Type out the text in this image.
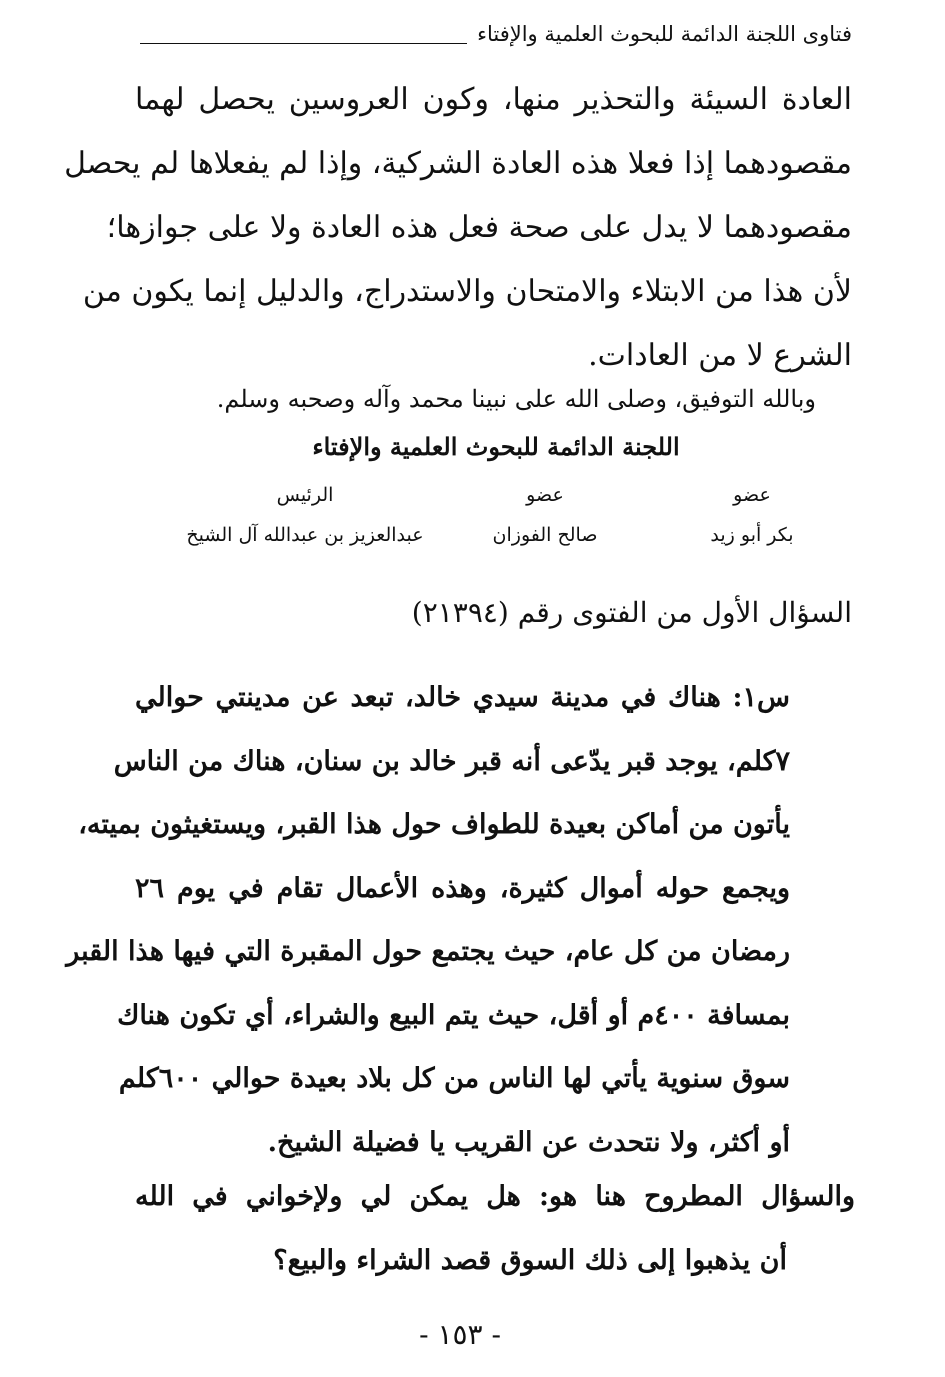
فتاوى اللجنة الدائمة للبحوث العلمية والإفتاء
العادة السيئة والتحذير منها، وكون العروسين يحصل لهما
مقصودهما إذا فعلا هذه العادة الشركية، وإذا لم يفعلاها لم يحصل
مقصودهما لا يدل على صحة فعل هذه العادة ولا على جوازها؛
لأن هذا من الابتلاء والامتحان والاستدراج، والدليل إنما يكون من
الشرع لا من العادات.
وبالله التوفيق، وصلى الله على نبينا محمد وآله وصحبه وسلم.
اللجنة الدائمة للبحوث العلمية والإفتاء
عضو
بكر أبو زيد
عضو
صالح الفوزان
الرئيس
عبدالعزيز بن عبدالله آل الشيخ
السؤال الأول من الفتوى رقم (٢١٣٩٤)
س١: هناك في مدينة سيدي خالد، تبعد عن مدينتي حوالي
٧كلم، يوجد قبر يدّعى أنه قبر خالد بن سنان، هناك من الناس
يأتون من أماكن بعيدة للطواف حول هذا القبر، ويستغيثون بميته،
ويجمع حوله أموال كثيرة، وهذه الأعمال تقام في يوم ٢٦
رمضان من كل عام، حيث يجتمع حول المقبرة التي فيها هذا القبر
بمسافة ٤٠٠م أو أقل، حيث يتم البيع والشراء، أي تكون هناك
سوق سنوية يأتي لها الناس من كل بلاد بعيدة حوالي ٦٠٠كلم
أو أكثر، ولا نتحدث عن القريب يا فضيلة الشيخ.
والسؤال المطروح هنا هو: هل يمكن لي ولإخواني في الله
أن يذهبوا إلى ذلك السوق قصد الشراء والبيع؟
- ١٥٣ -
